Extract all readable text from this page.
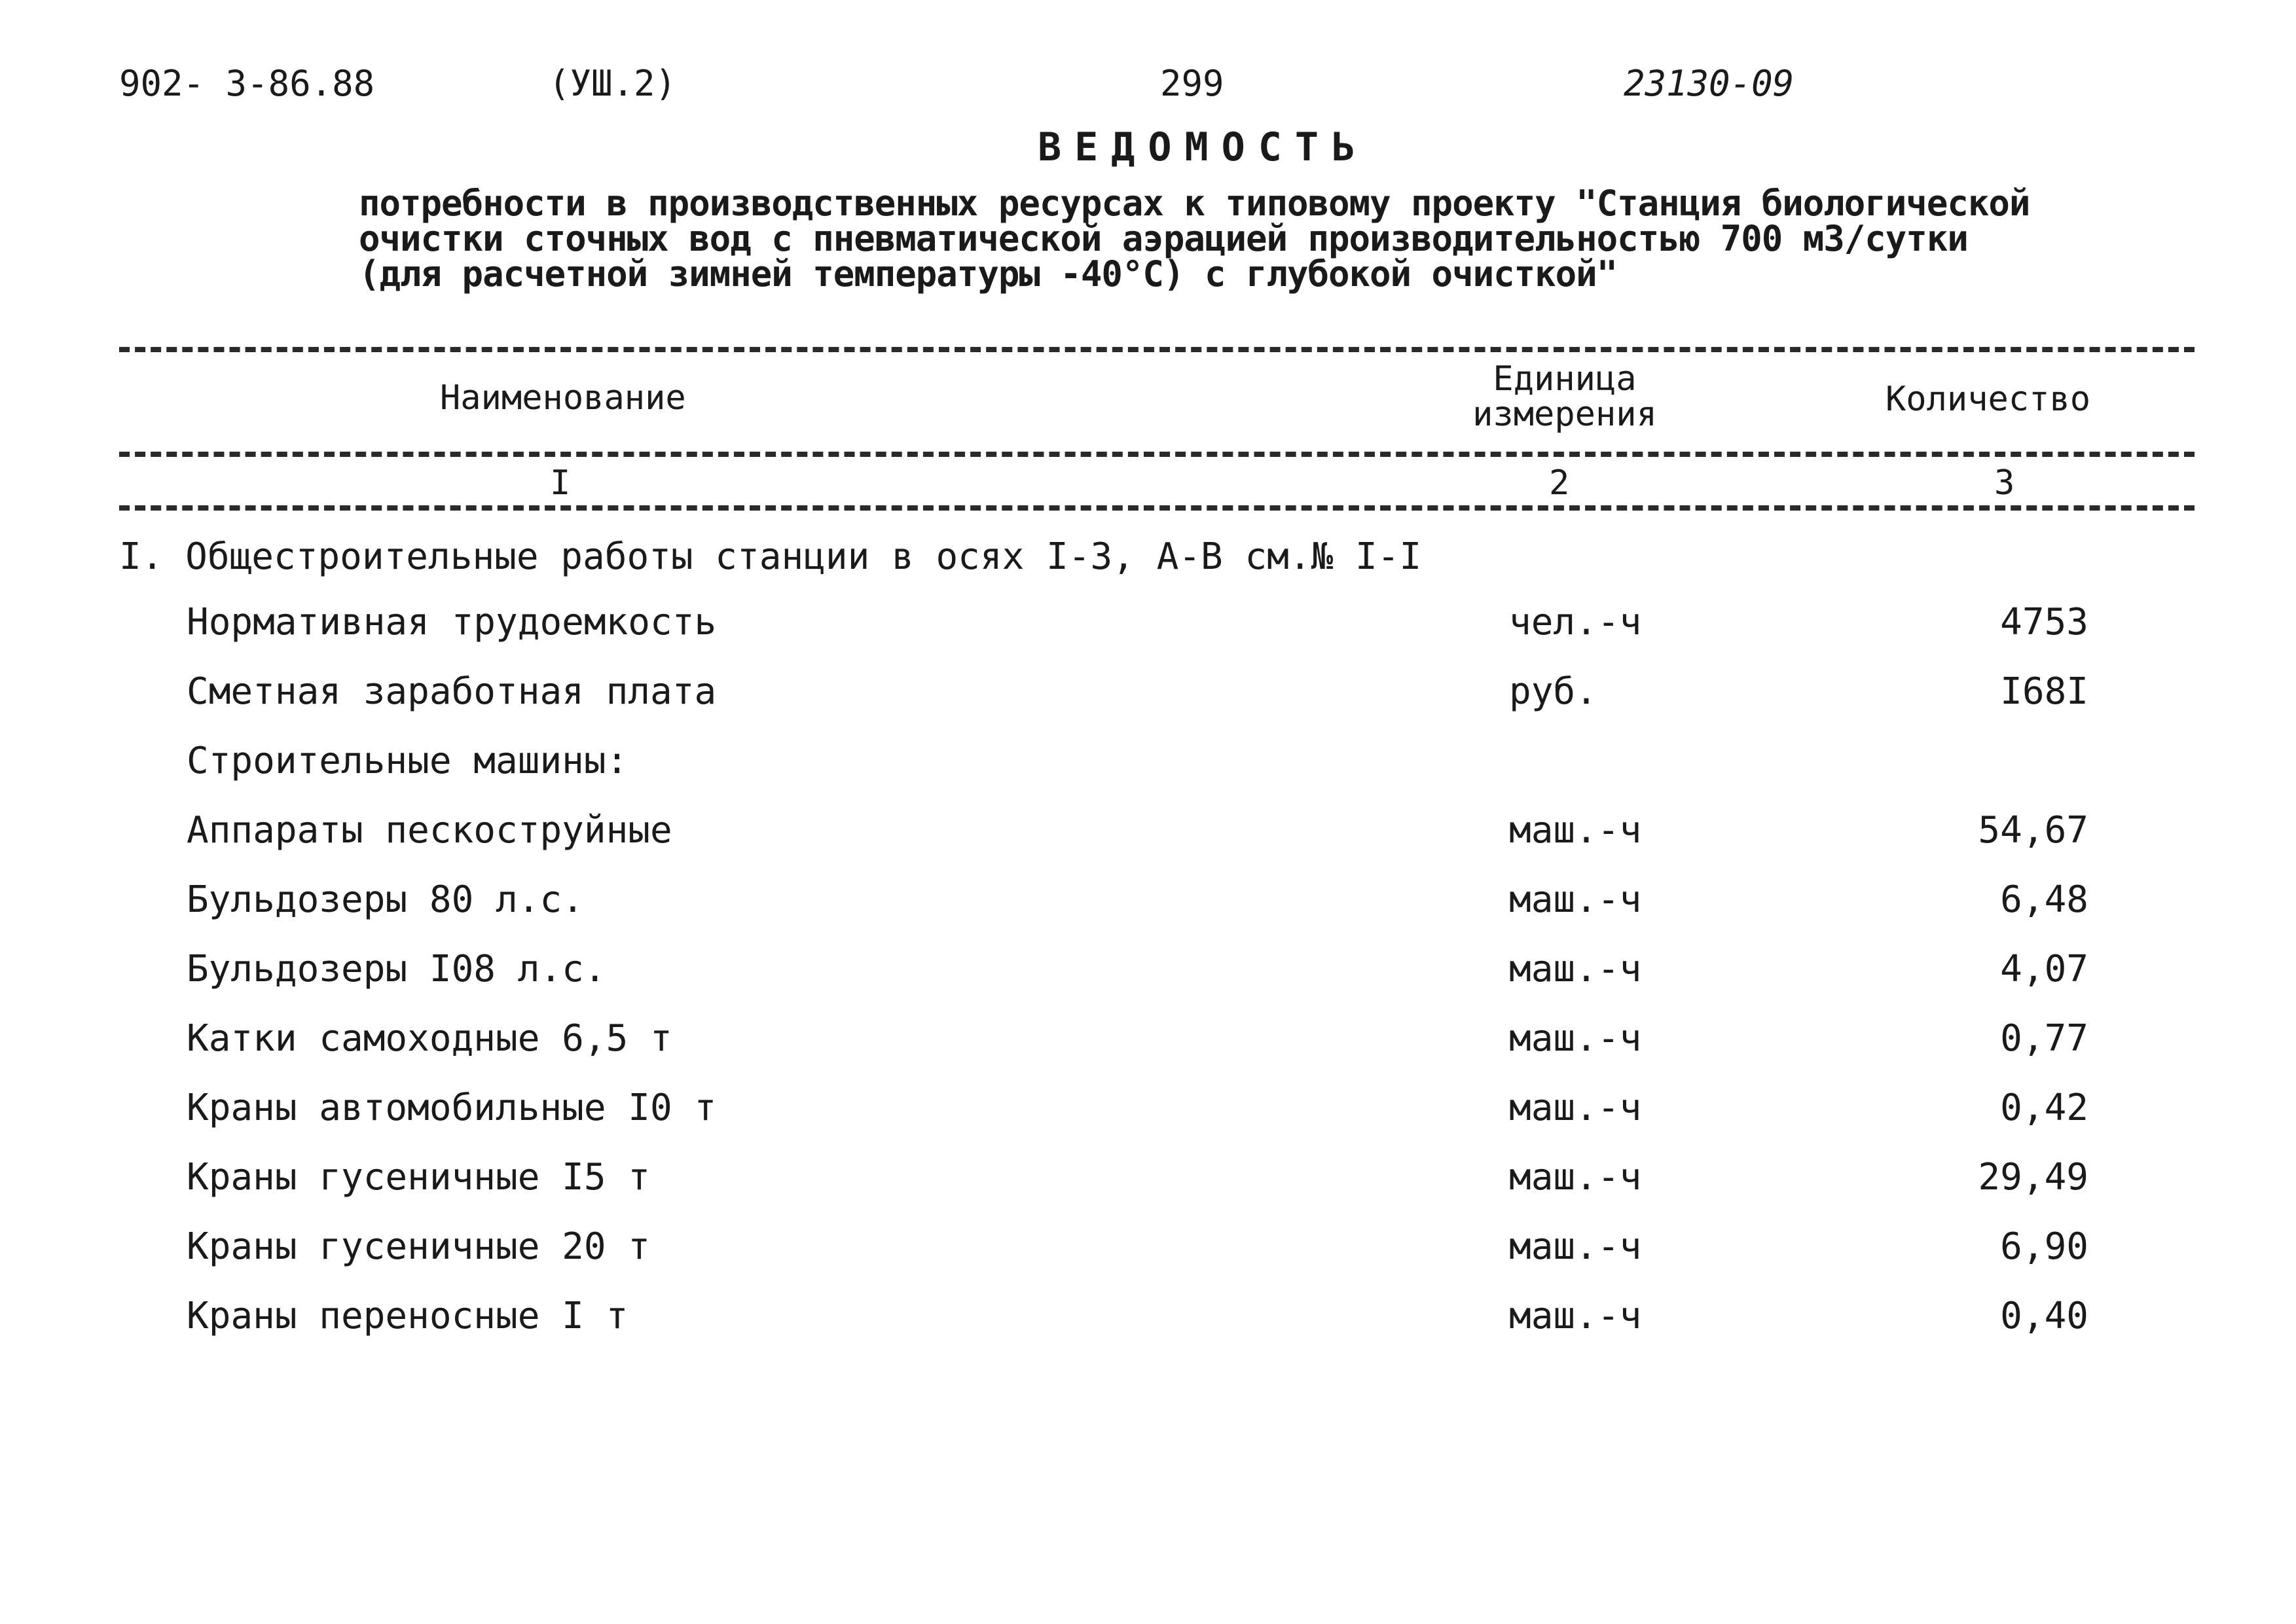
902- 3-86.88	(УШ.2)	299	23130-09
ВЕДОМОСТЬ
потребности в производственных ресурсах к типовому проекту "Станция биологической
очистки сточных вод с пневматической аэрацией производительностью 700 м3/сутки
(для расчетной зимней температуры -40°С) с глубокой очисткой"
Наименование	Единица измерения	Количество
I	2	3
I. Общестроительные работы станции в осях I-3, А-В см.№ I-I
Нормативная трудоемкость	чел.-ч	4753
Сметная заработная плата	руб.	I68I
Строительные машины:
Аппараты пескоструйные	маш.-ч	54,67
Бульдозеры 80 л.с.	маш.-ч	6,48
Бульдозеры I08 л.с.	маш.-ч	4,07
Катки самоходные 6,5 т	маш.-ч	0,77
Краны автомобильные I0 т	маш.-ч	0,42
Краны гусеничные I5 т	маш.-ч	29,49
Краны гусеничные 20 т	маш.-ч	6,90
Краны переносные I т	маш.-ч	0,40
